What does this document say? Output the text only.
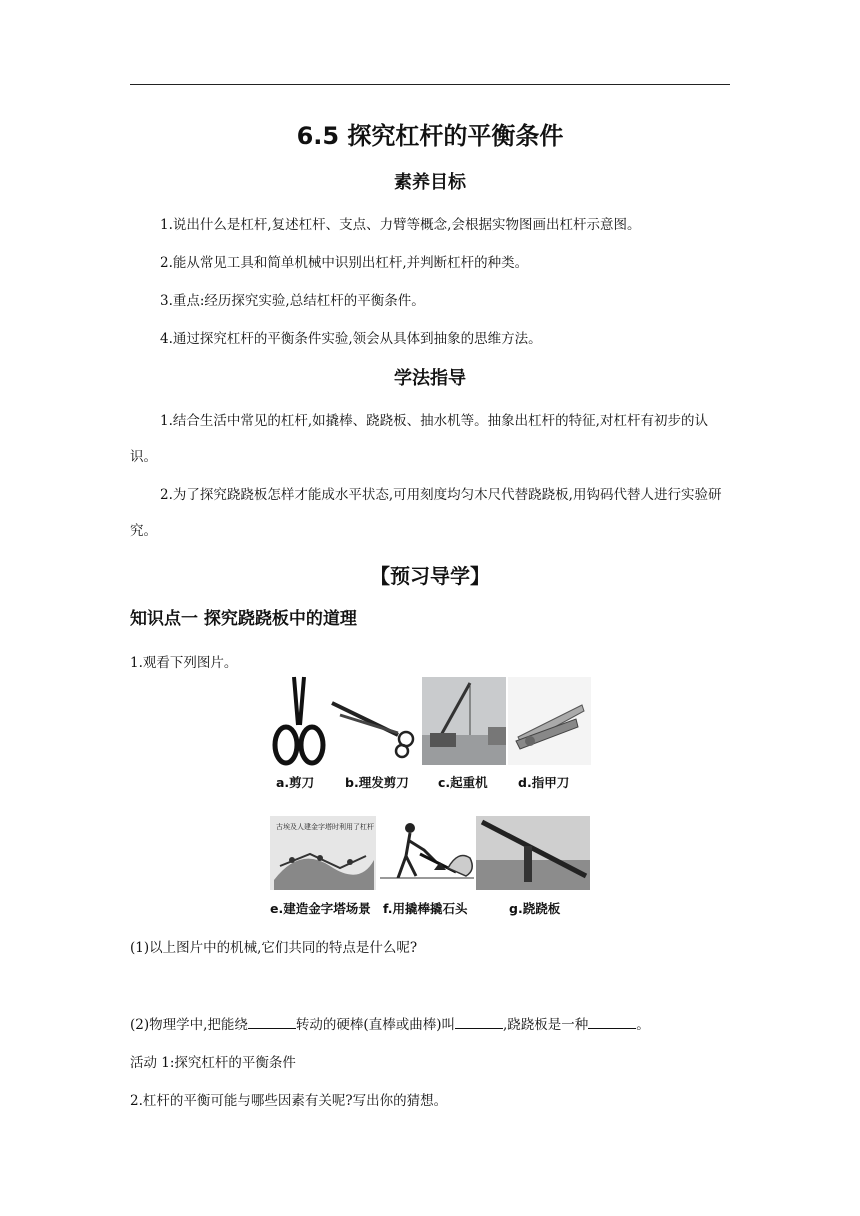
6.5 探究杠杆的平衡条件
素养目标
1.说出什么是杠杆,复述杠杆、支点、力臂等概念,会根据实物图画出杠杆示意图。
2.能从常见工具和简单机械中识别出杠杆,并判断杠杆的种类。
3.重点:经历探究实验,总结杠杆的平衡条件。
4.通过探究杠杆的平衡条件实验,领会从具体到抽象的思维方法。
学法指导
1.结合生活中常见的杠杆,如撬棒、跷跷板、抽水机等。抽象出杠杆的特征,对杠杆有初步的认识。
2.为了探究跷跷板怎样才能成水平状态,可用刻度均匀木尺代替跷跷板,用钩码代替人进行实验研究。
【预习导学】
知识点一 探究跷跷板中的道理
1.观看下列图片。
a.剪刀 b.理发剪刀 c.起重机 d.指甲刀
古埃及人建金字塔时利用了杠杆
e.建造金字塔场景 f.用撬棒撬石头	g.跷跷板
(1)以上图片中的机械,它们共同的特点是什么呢?
(2)物理学中,把能绕	转动的硬棒(直棒或曲棒)叫	,跷跷板是一种	。
活动 1:探究杠杆的平衡条件
2.杠杆的平衡可能与哪些因素有关呢?写出你的猜想。
